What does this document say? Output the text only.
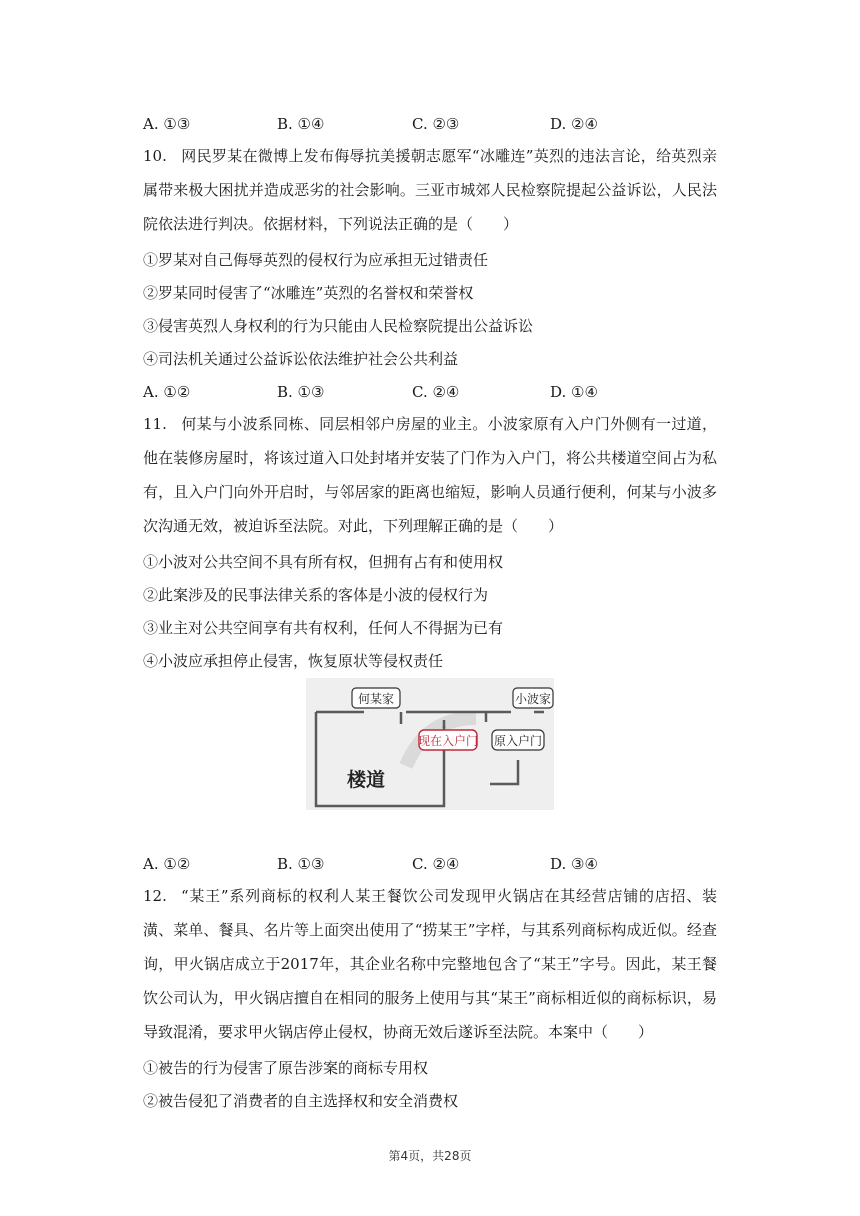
A. ①③	B. ①④	C. ②③	D. ②④
10. 网民罗某在微博上发布侮辱抗美援朝志愿军“冰雕连”英烈的违法言论，给英烈亲属带来极大困扰并造成恶劣的社会影响。三亚市城郊人民检察院提起公益诉讼，人民法院依法进行判决。依据材料，下列说法正确的是（　　）
①罗某对自己侮辱英烈的侵权行为应承担无过错责任
②罗某同时侵害了“冰雕连”英烈的名誉权和荣誉权
③侵害英烈人身权利的行为只能由人民检察院提出公益诉讼
④司法机关通过公益诉讼依法维护社会公共利益
A. ①②	B. ①③	C. ②④	D. ①④
11. 何某与小波系同栋、同层相邻户房屋的业主。小波家原有入户门外侧有一过道，他在装修房屋时，将该过道入口处封堵并安装了门作为入户门，将公共楼道空间占为私有，且入户门向外开启时，与邻居家的距离也缩短，影响人员通行便利，何某与小波多次沟通无效，被迫诉至法院。对此，下列理解正确的是（　　）
①小波对公共空间不具有所有权，但拥有占有和使用权
②此案涉及的民事法律关系的客体是小波的侵权行为
③业主对公共空间享有共有权利，任何人不得据为已有
④小波应承担停止侵害，恢复原状等侵权责任
何某家	小波家
现在入户门 原入户门
楼道
A. ①②	B. ①③	C. ②④	D. ③④
12. “某王”系列商标的权利人某王餐饮公司发现甲火锅店在其经营店铺的店招、装潢、菜单、餐具、名片等上面突出使用了“捞某王”字样，与其系列商标构成近似。经查询，甲火锅店成立于2017年，其企业名称中完整地包含了“某王”字号。因此，某王餐饮公司认为，甲火锅店擅自在相同的服务上使用与其“某王”商标相近似的商标标识，易导致混淆，要求甲火锅店停止侵权，协商无效后遂诉至法院。本案中（　　）
①被告的行为侵害了原告涉案的商标专用权
②被告侵犯了消费者的自主选择权和安全消费权
第4页，共28页
